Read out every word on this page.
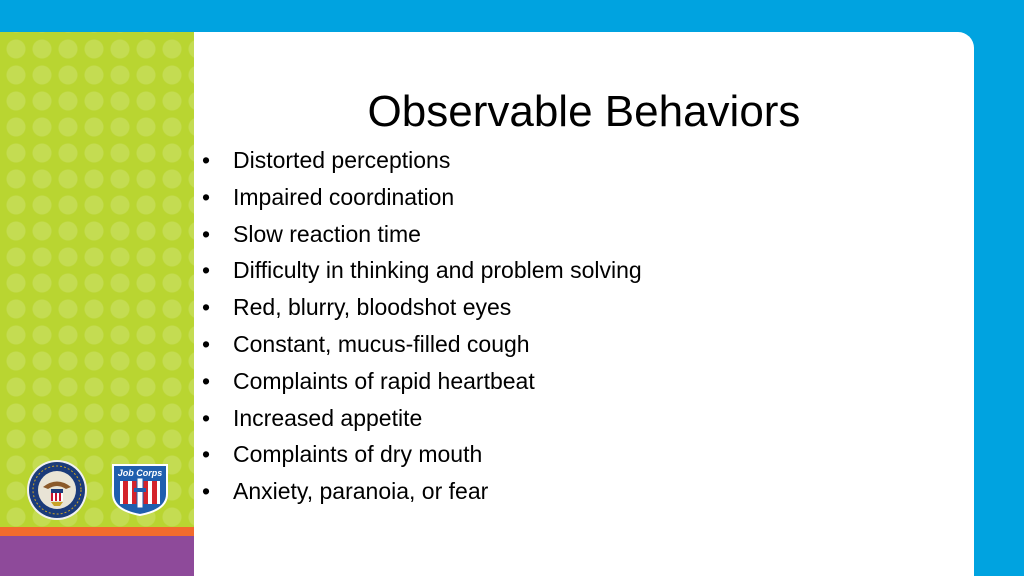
Job Corps
Observable Behaviors
• Distorted perceptions
• Impaired coordination
• Slow reaction time
• Difficulty in thinking and problem solving
• Red, blurry, bloodshot eyes
• Constant, mucus-filled cough
• Complaints of rapid heartbeat
• Increased appetite
• Complaints of dry mouth
• Anxiety, paranoia, or fear
